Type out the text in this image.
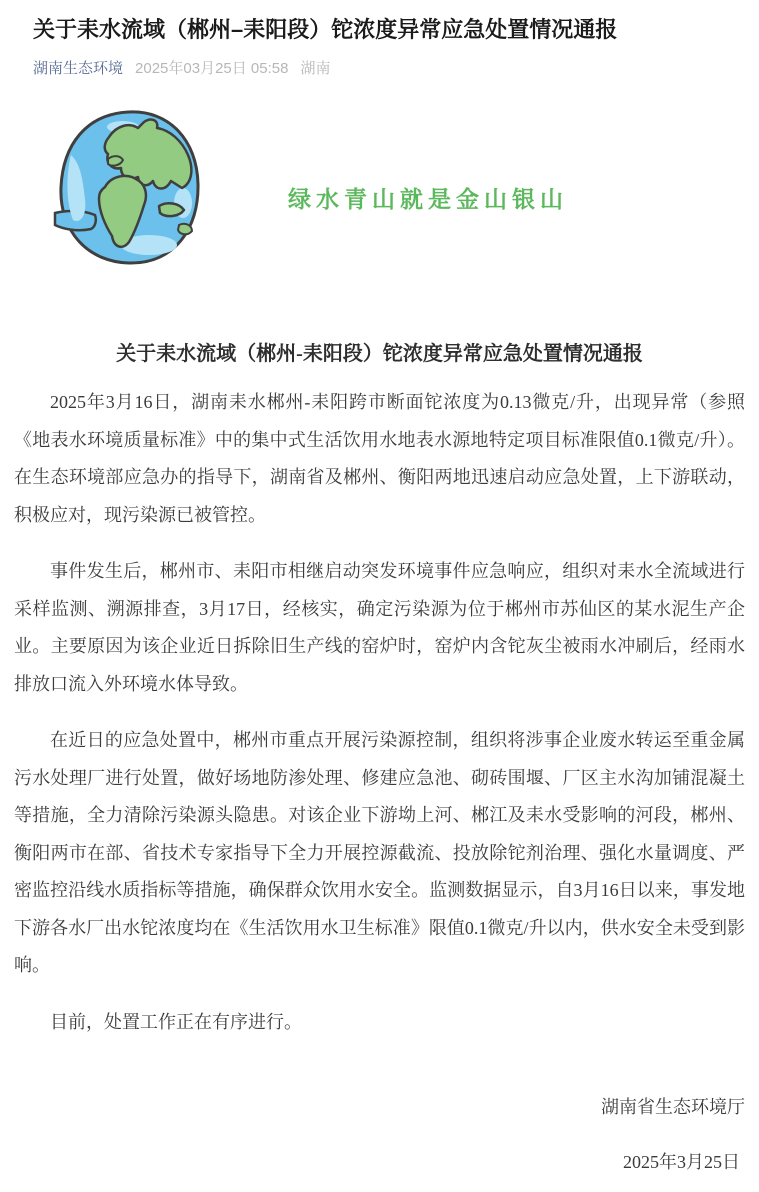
关于耒水流域（郴州–耒阳段）铊浓度异常应急处置情况通报
湖南生态环境 2025年03月25日 05:58 湖南
绿水青山就是金山银山
关于耒水流域（郴州-耒阳段）铊浓度异常应急处置情况通报

2025年3月16日，湖南耒水郴州-耒阳跨市断面铊浓度为0.13微克/升，出现异常（参照《地表水环境质量标准》中的集中式生活饮用水地表水源地特定项目标准限值0.1微克/升）。在生态环境部应急办的指导下，湖南省及郴州、衡阳两地迅速启动应急处置，上下游联动，积极应对，现污染源已被管控。

事件发生后，郴州市、耒阳市相继启动突发环境事件应急响应，组织对耒水全流域进行采样监测、溯源排查，3月17日，经核实，确定污染源为位于郴州市苏仙区的某水泥生产企业。主要原因为该企业近日拆除旧生产线的窑炉时，窑炉内含铊灰尘被雨水冲刷后，经雨水排放口流入外环境水体导致。

在近日的应急处置中，郴州市重点开展污染源控制，组织将涉事企业废水转运至重金属污水处理厂进行处置，做好场地防渗处理、修建应急池、砌砖围堰、厂区主水沟加铺混凝土等措施，全力清除污染源头隐患。对该企业下游坳上河、郴江及耒水受影响的河段，郴州、衡阳两市在部、省技术专家指导下全力开展控源截流、投放除铊剂治理、强化水量调度、严密监控沿线水质指标等措施，确保群众饮用水安全。监测数据显示，自3月16日以来，事发地下游各水厂出水铊浓度均在《生活饮用水卫生标准》限值0.1微克/升以内，供水安全未受到影响。

目前，处置工作正在有序进行。

湖南省生态环境厅
2025年3月25日
